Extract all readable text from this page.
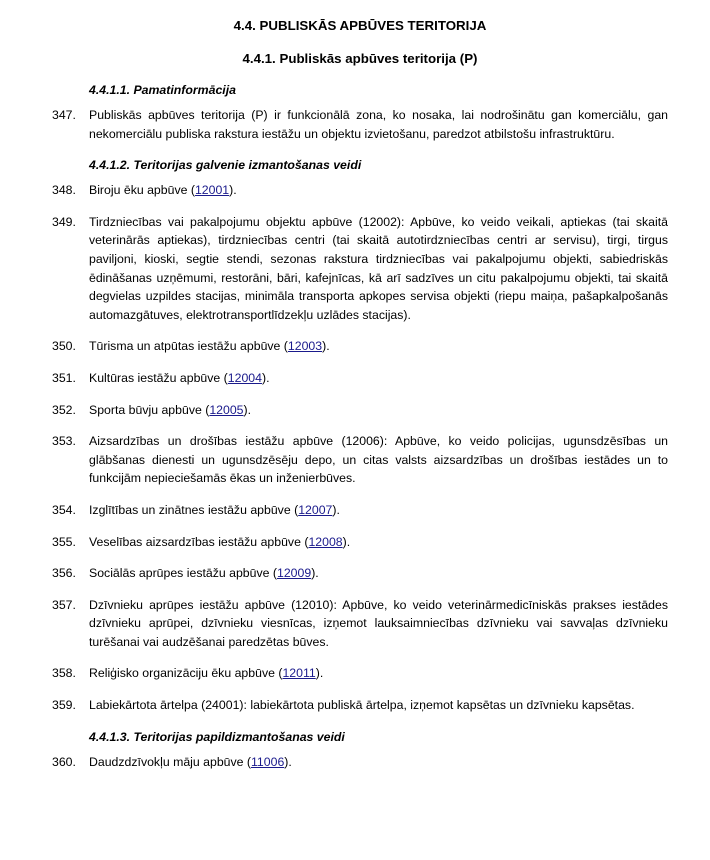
4.4. PUBLISKĀS APBŪVES TERITORIJA
4.4.1. Publiskās apbūves teritorija (P)
4.4.1.1. Pamatinformācija
347.	Publiskās apbūves teritorija (P) ir funkcionālā zona, ko nosaka, lai nodrošinātu gan komerciālu, gan nekomerciālu publiska rakstura iestāžu un objektu izvietošanu, paredzot atbilstošu infrastruktūru.
4.4.1.2. Teritorijas galvenie izmantošanas veidi
348.	Biroju ēku apbūve (12001).
349.	Tirdzniecības vai pakalpojumu objektu apbūve (12002): Apbūve, ko veido veikali, aptiekas (tai skaitā veterinārās aptiekas), tirdzniecības centri (tai skaitā autotirdzniecības centri ar servisu), tirgi, tirgus paviljoni, kioski, segtie stendi, sezonas rakstura tirdzniecības vai pakalpojumu objekti, sabiedriskās ēdināšanas uzņēmumi, restorāni, bāri, kafejnīcas, kā arī sadzīves un citu pakalpojumu objekti, tai skaitā degvielas uzpildes stacijas, minimāla transporta apkopes servisa objekti (riepu maiņa, pašapkalpošanās automazgātuves, elektrotransportlīdzekļu uzlādes stacijas).
350.	Tūrisma un atpūtas iestāžu apbūve (12003).
351.	Kultūras iestāžu apbūve (12004).
352.	Sporta būvju apbūve (12005).
353.	Aizsardzības un drošības iestāžu apbūve (12006): Apbūve, ko veido policijas, ugunsdzēsības un glābšanas dienesti un ugunsdzēsēju depo, un citas valsts aizsardzības un drošības iestādes un to funkcijām nepieciešamās ēkas un inženierbūves.
354.	Izglītības un zinātnes iestāžu apbūve (12007).
355.	Veselības aizsardzības iestāžu apbūve (12008).
356.	Sociālās aprūpes iestāžu apbūve (12009).
357.	Dzīvnieku aprūpes iestāžu apbūve (12010): Apbūve, ko veido veterinārmedicīniskās prakses iestādes dzīvnieku aprūpei, dzīvnieku viesnīcas, izņemot lauksaimniecības dzīvnieku vai savvaļas dzīvnieku turēšanai vai audzēšanai paredzētas būves.
358.	Reliģisko organizāciju ēku apbūve (12011).
359.	Labiekārtota ārtelpa (24001): labiekārtota publiskā ārtelpa, izņemot kapsētas un dzīvnieku kapsētas.
4.4.1.3. Teritorijas papildizmantošanas veidi
360.	Daudzdzīvokļu māju apbūve (11006).
